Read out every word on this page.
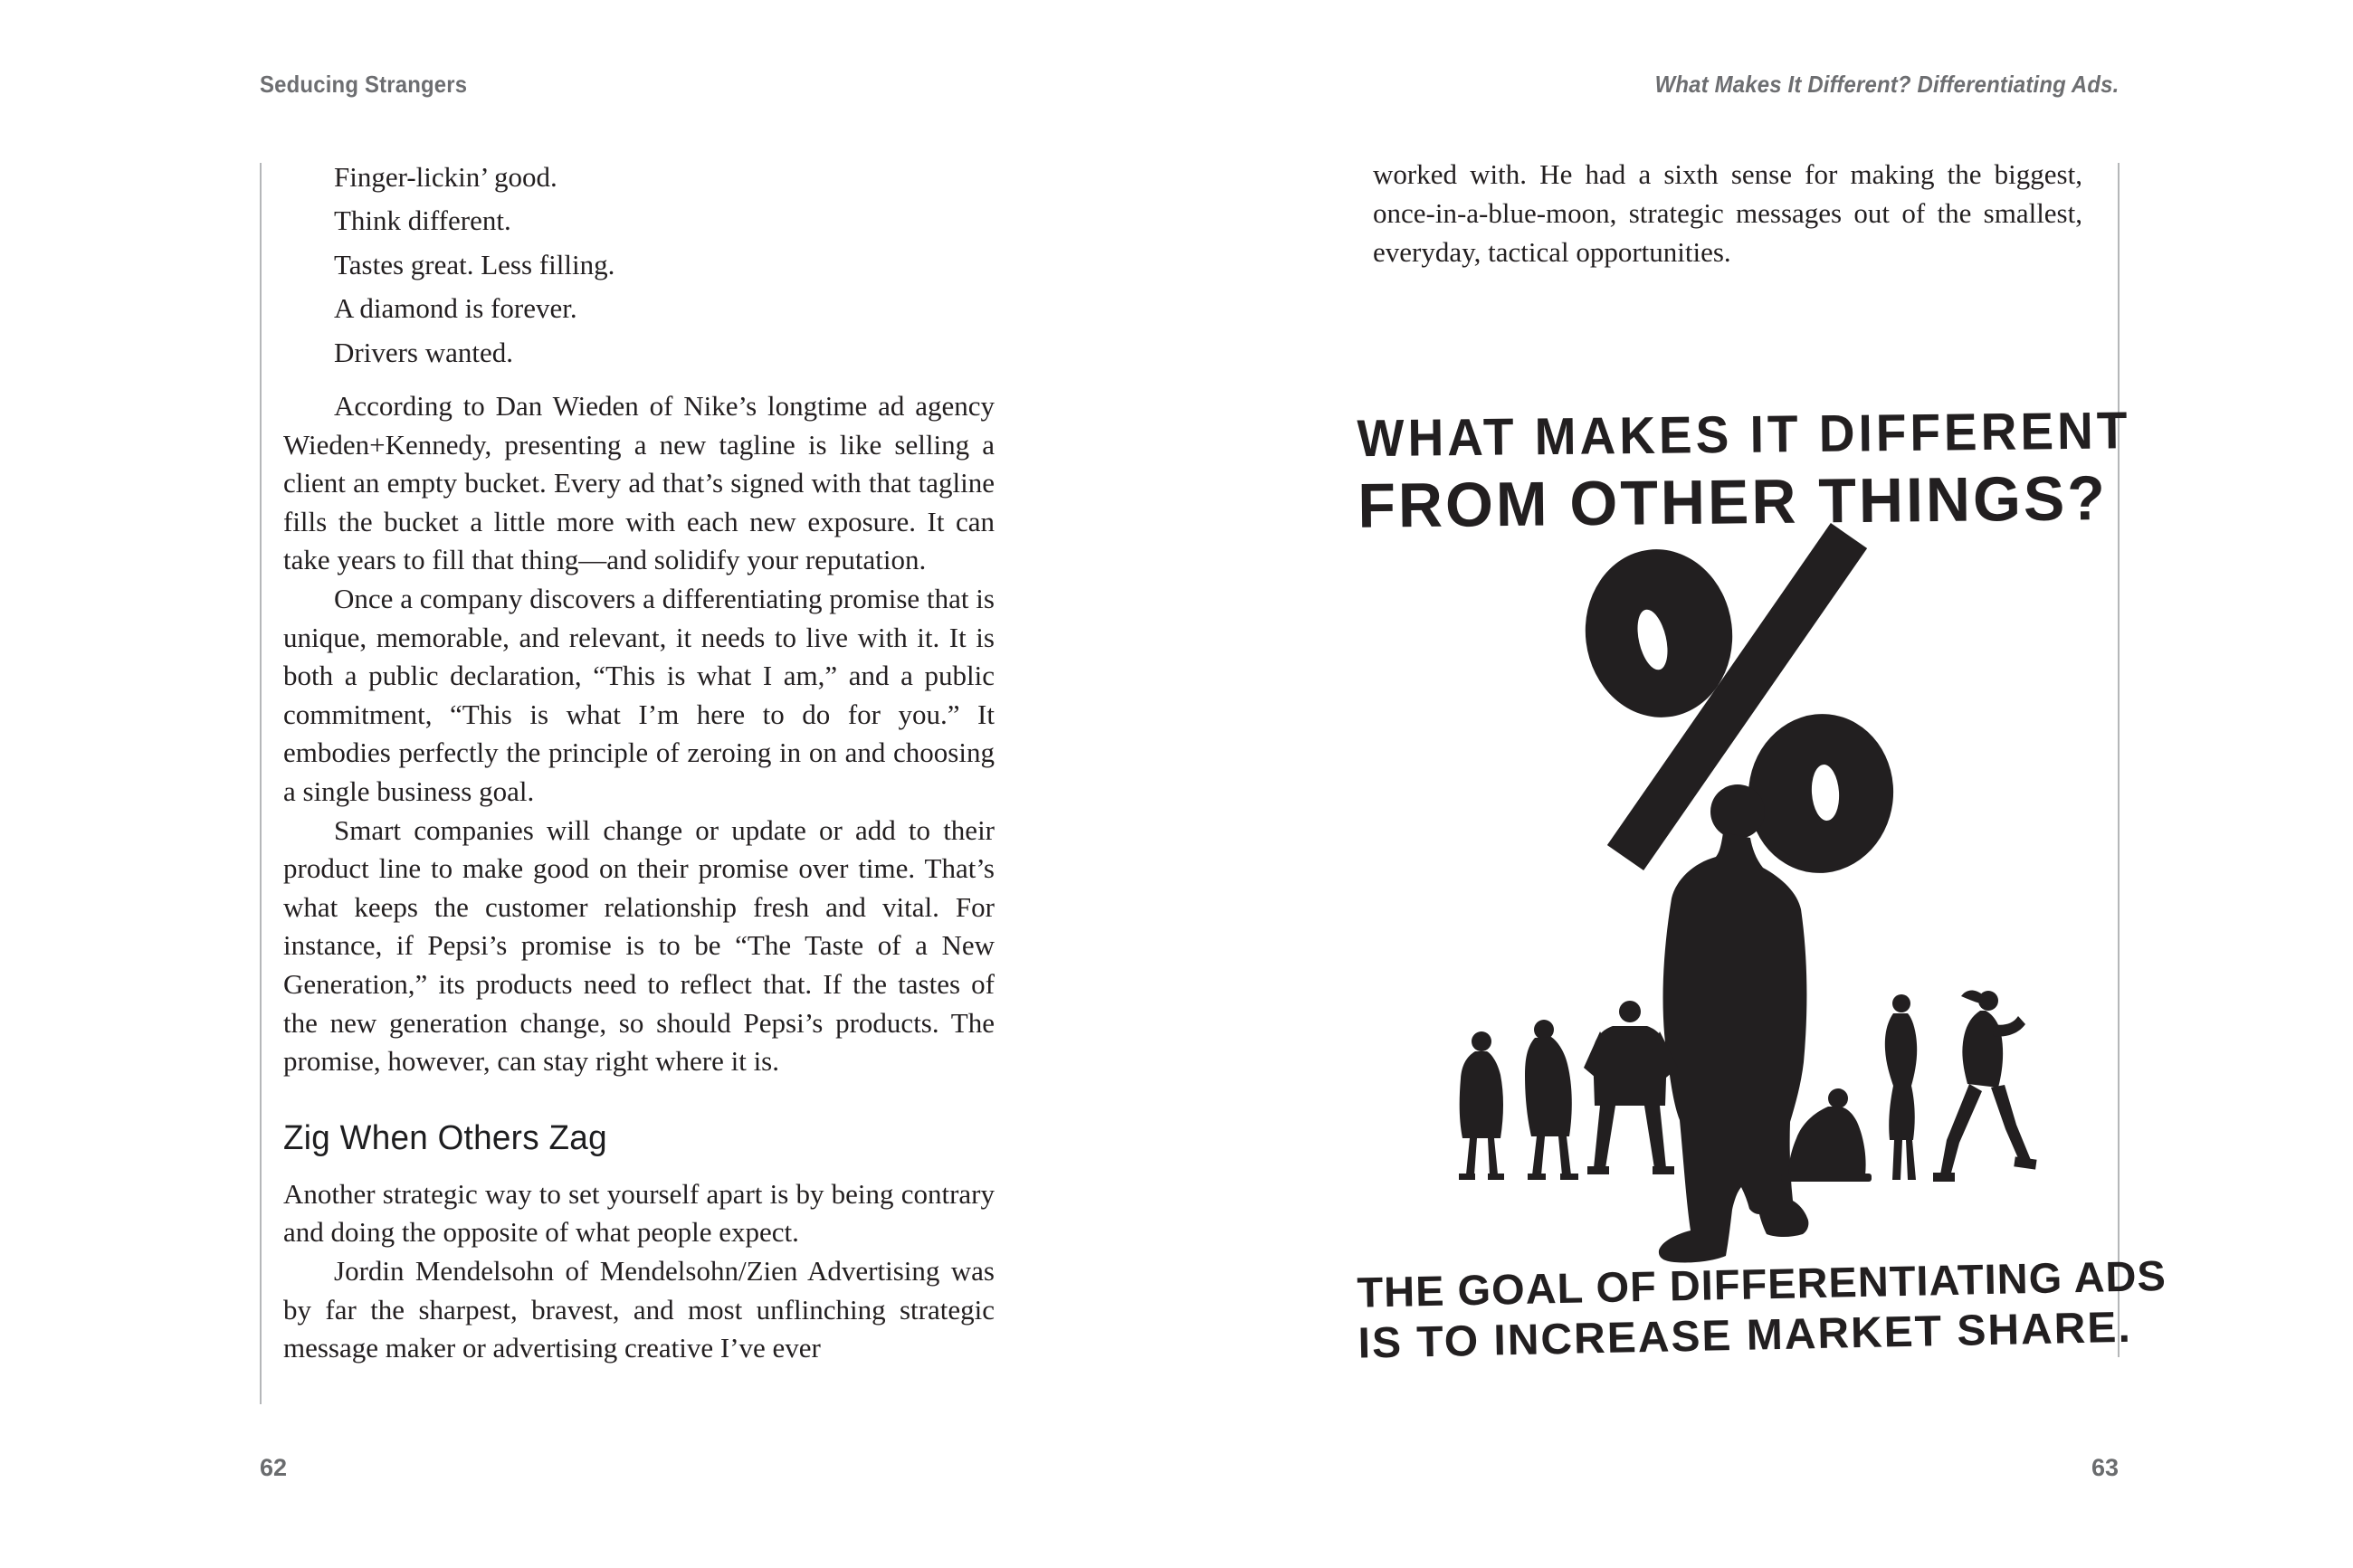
Seducing Strangers
Finger-lickin’ good.
Think different.
Tastes great. Less filling.
A diamond is forever.
Drivers wanted.

According to Dan Wieden of Nike’s longtime ad agency Wieden+Kennedy, presenting a new tagline is like selling a client an empty bucket. Every ad that’s signed with that tagline fills the bucket a little more with each new exposure. It can take years to fill that thing—and solidify your reputation.

Once a company discovers a differentiating promise that is unique, memorable, and relevant, it needs to live with it. It is both a public declaration, “This is what I am,” and a public commitment, “This is what I’m here to do for you.” It embodies perfectly the principle of zeroing in on and choosing a single business goal.

Smart companies will change or update or add to their product line to make good on their promise over time. That’s what keeps the customer relationship fresh and vital. For instance, if Pepsi’s promise is to be “The Taste of a New Generation,” its products need to reflect that. If the tastes of the new generation change, so should Pepsi’s products. The promise, however, can stay right where it is.

Zig When Others Zag

Another strategic way to set yourself apart is by being contrary and doing the opposite of what people expect.

Jordin Mendelsohn of Mendelsohn/Zien Advertising was by far the sharpest, bravest, and most unflinching strategic message maker or advertising creative I’ve ever

62
What Makes It Different? Differentiating Ads.

worked with. He had a sixth sense for making the biggest, once-in-a-blue-moon, strategic messages out of the smallest, everyday, tactical opportunities.

WHAT MAKES IT DIFFERENT
FROM OTHER THINGS?
THE GOAL OF DIFFERENTIATING ADS
IS TO INCREASE MARKET SHARE.
63
